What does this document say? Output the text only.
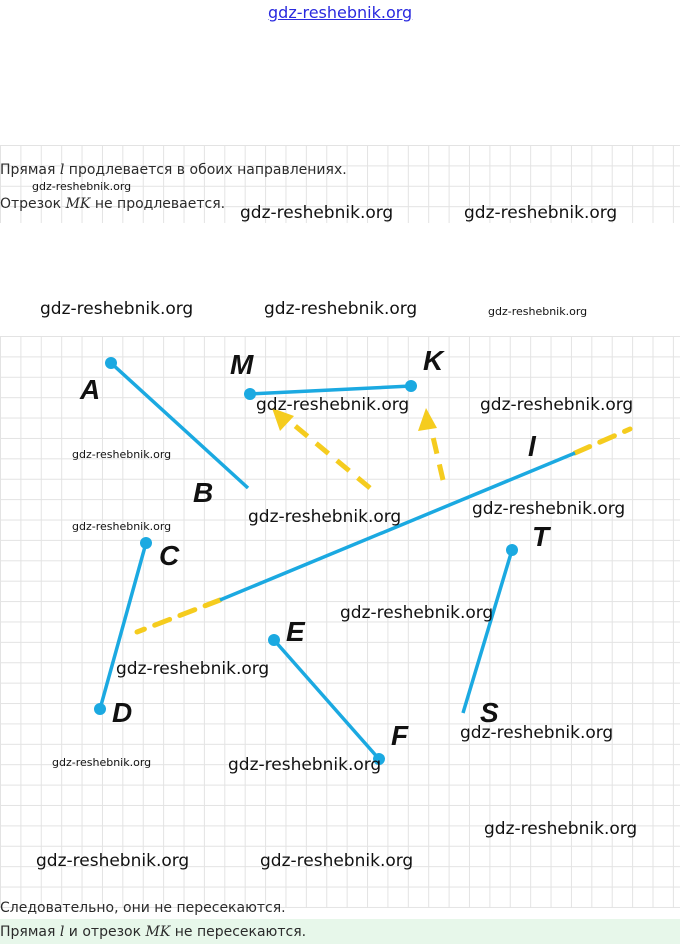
gdz-reshebnik.org
Прямая l продлевается в обоих направлениях.
Отрезок MK не продлевается.
A
B
M	K
l
C
D
E
F
T
S
Следовательно, они не пересекаются.
Прямая l и отрезок MK не пересекаются.
gdz-reshebnik.org
gdz-reshebnik.org	gdz-reshebnik.org
gdz-reshebnik.org	gdz-reshebnik.org	gdz-reshebnik.org
gdz-reshebnik.org	gdz-reshebnik.org
gdz-reshebnik.org
gdz-reshebnik.org
gdz-reshebnik.org
gdz-reshebnik.org
gdz-reshebnik.org
gdz-reshebnik.org
gdz-reshebnik.org
gdz-reshebnik.org	gdz-reshebnik.org
gdz-reshebnik.org
gdz-reshebnik.org	gdz-reshebnik.org
